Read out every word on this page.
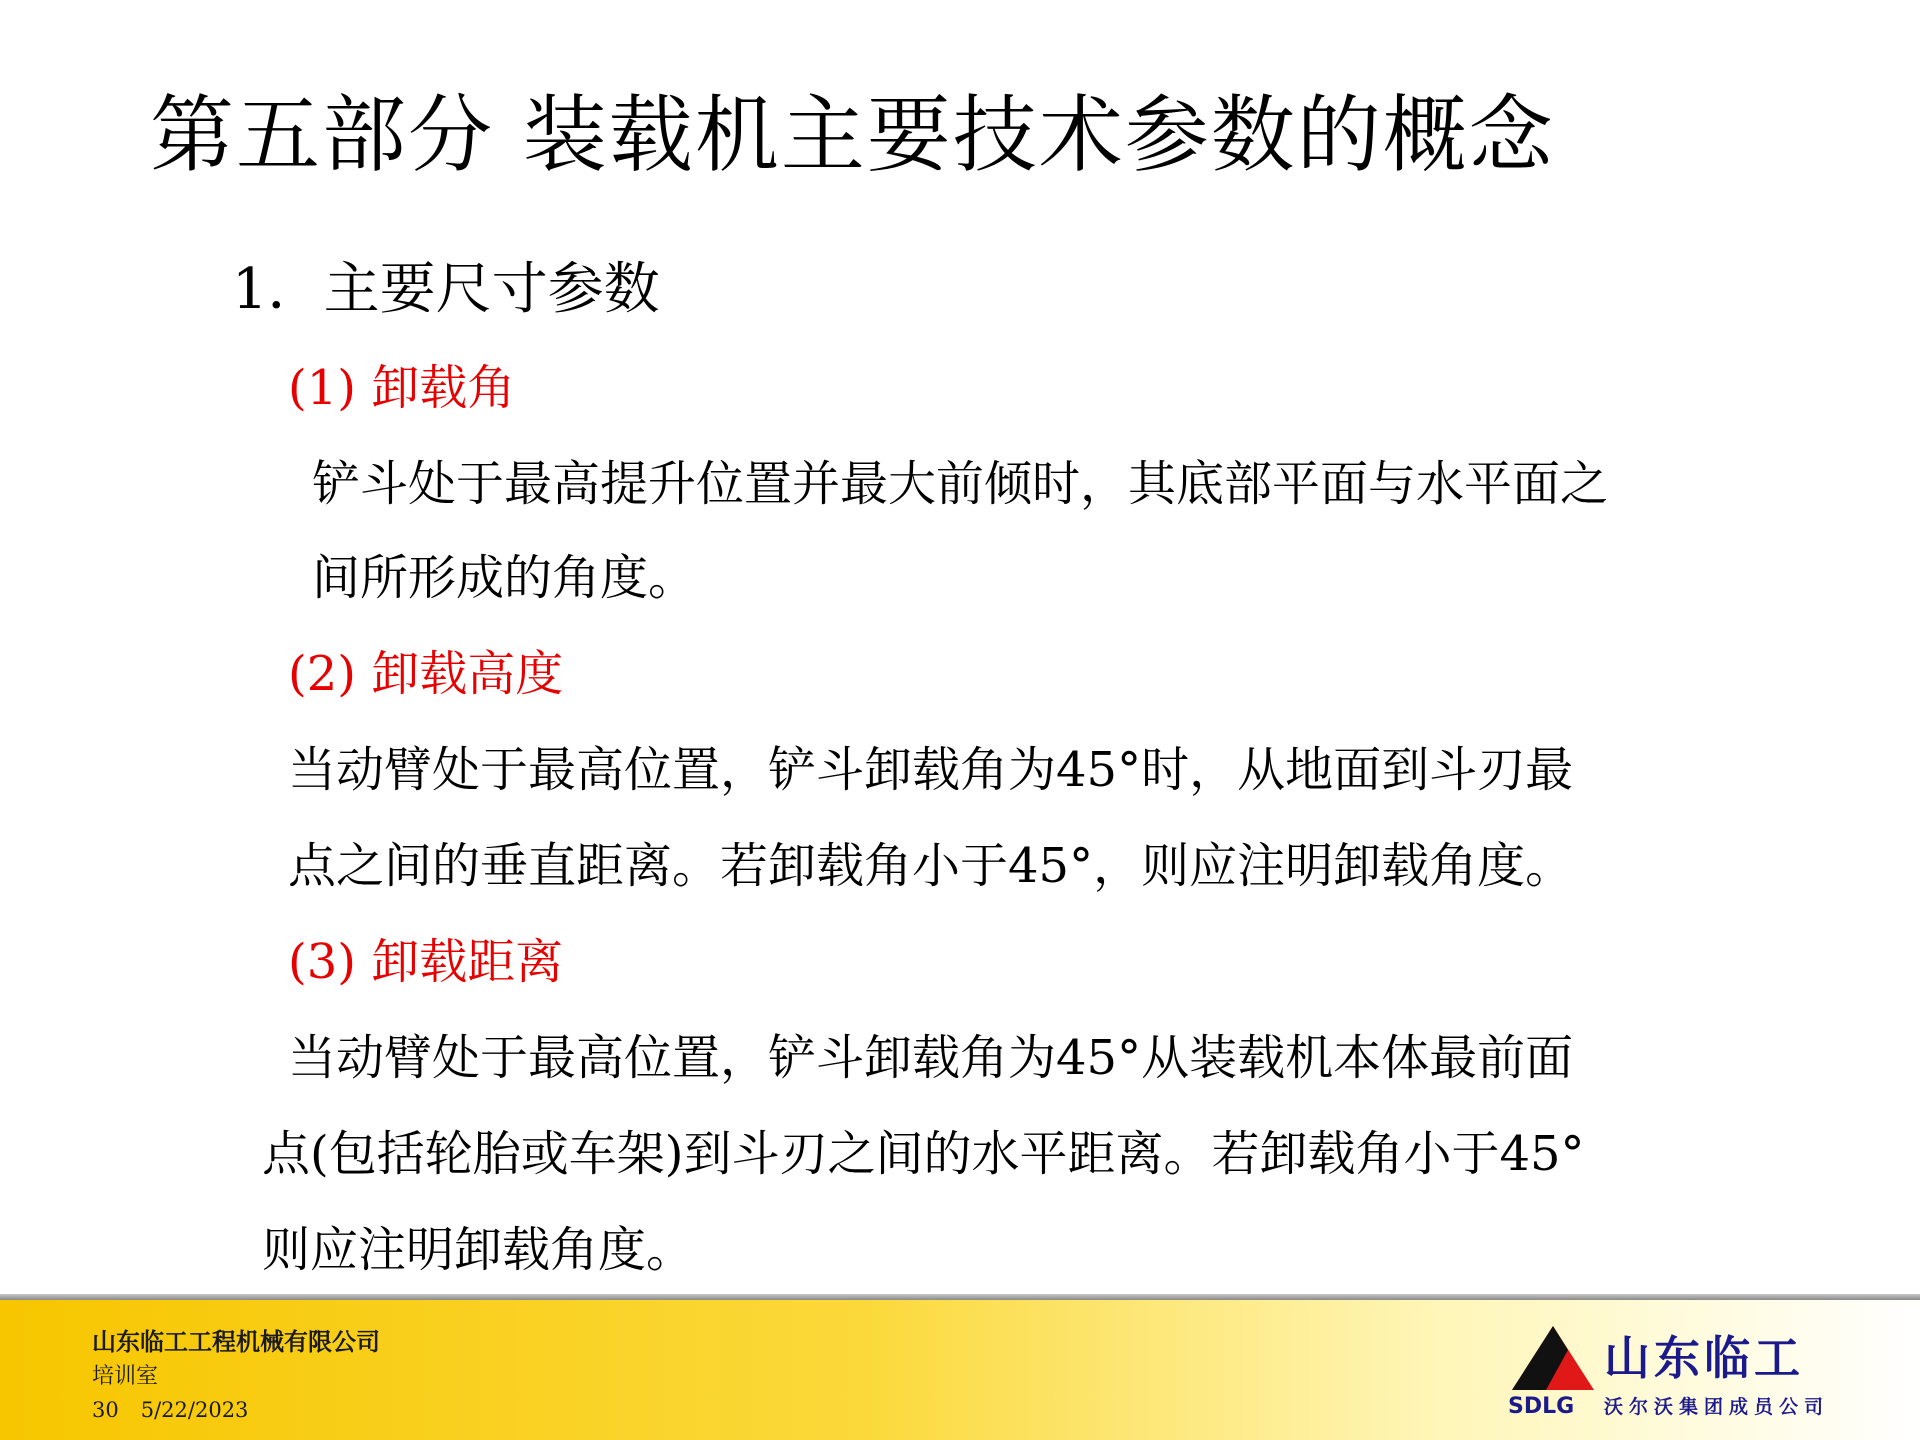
第五部分 装载机主要技术参数的概念
1．主要尺寸参数
(1) 卸载角
铲斗处于最高提升位置并最大前倾时，其底部平面与水平面之
间所形成的角度。
(2) 卸载高度
当动臂处于最高位置，铲斗卸载角为45°时，从地面到斗刃最
点之间的垂直距离。若卸载角小于45°，则应注明卸载角度。
(3) 卸载距离
当动臂处于最高位置，铲斗卸载角为45°从装载机本体最前面
点(包括轮胎或车架)到斗刃之间的水平距离。若卸载角小于45°
则应注明卸载角度。
山东临工工程机械有限公司
培训室
30 5/22/2023
山东临工
SDLG 沃尔沃集团成员公司
